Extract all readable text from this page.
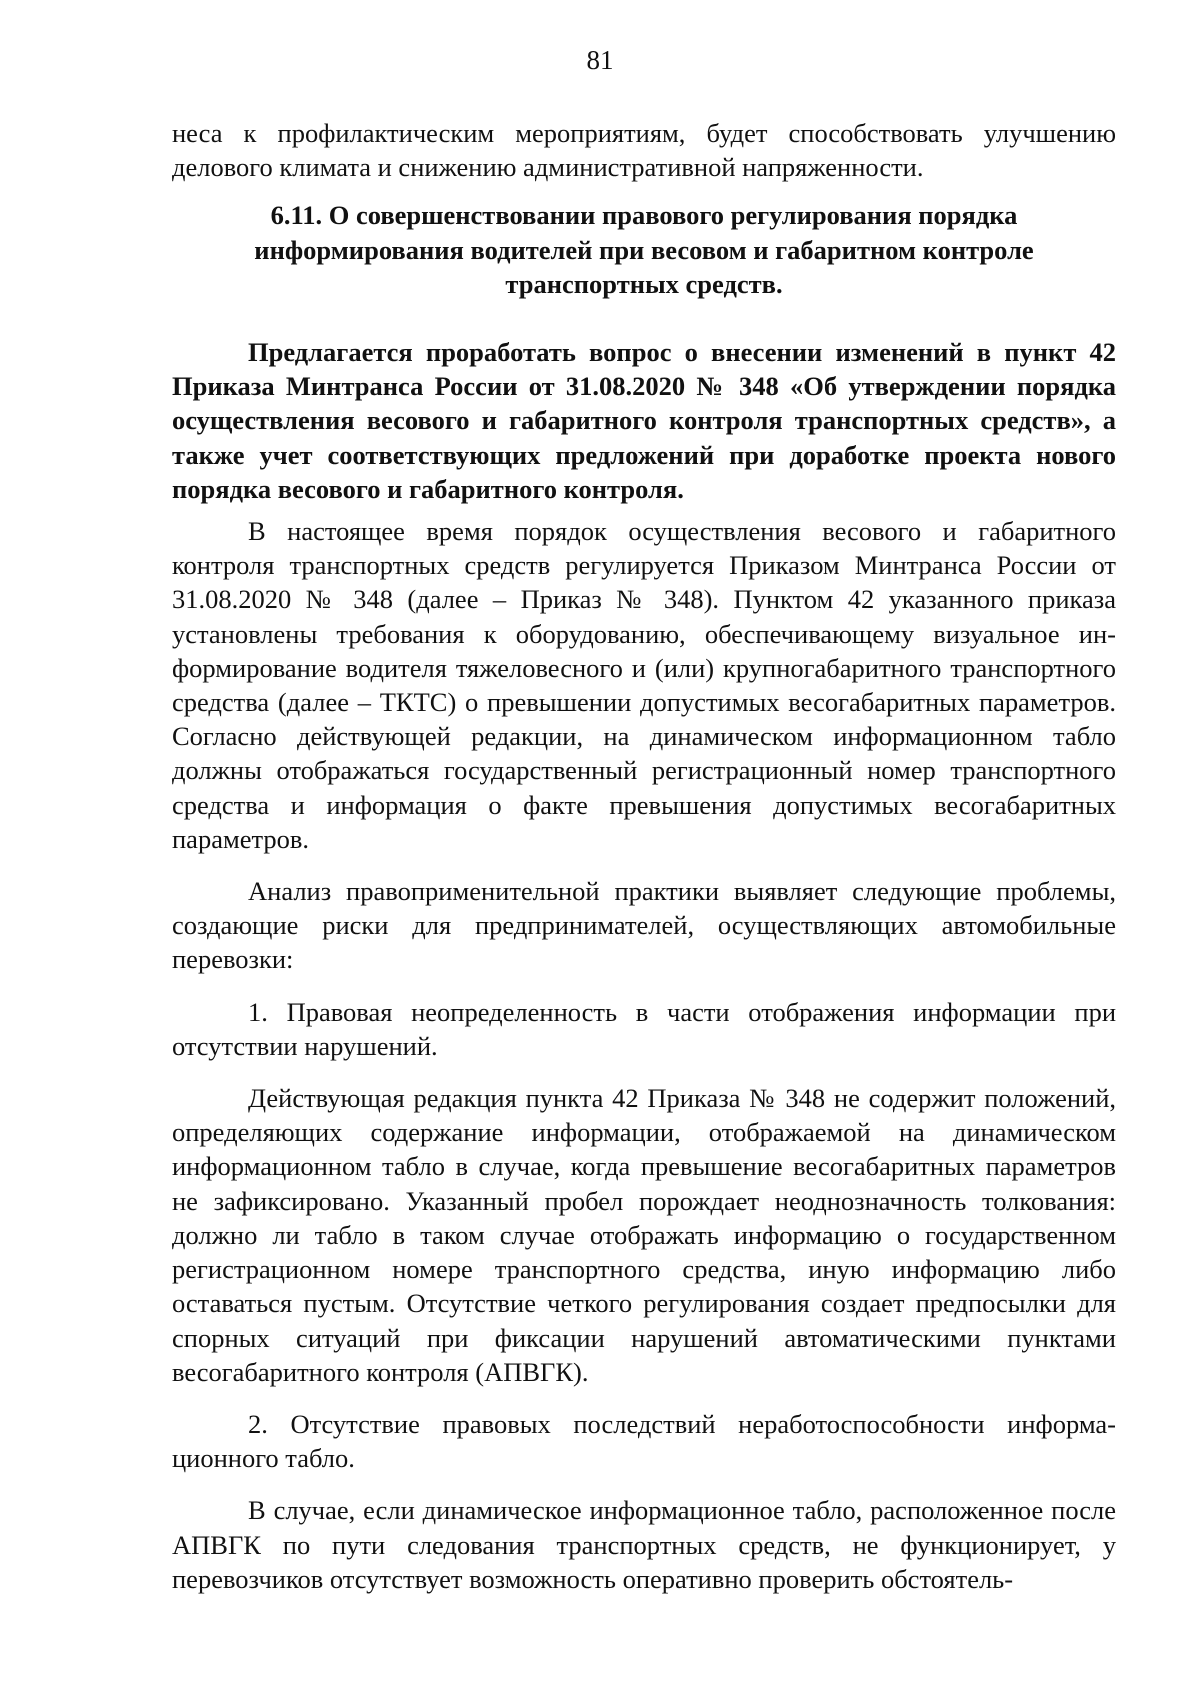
81

неса к профилактическим мероприятиям, будет способствовать улучшению делового климата и снижению административной напряженности.

6.11. О совершенствовании правового регулирования порядка
информирования водителей при весовом и габаритном контроле
транспортных средств.

Предлагается проработать вопрос о внесении изменений в пункт 42 Приказа Минтранса России от 31.08.2020 № 348 «Об утверждении порядка осуществления весового и габаритного контроля транспортных средств», а также учет соответствующих предложений при доработке проекта нового порядка весового и габаритного контроля.

В настоящее время порядок осуществления весового и габаритного контроля транспортных средств регулируется Приказом Минтранса России от 31.08.2020 № 348 (далее – Приказ № 348). Пунктом 42 указанного приказа установлены требования к оборудованию, обеспечивающему визуальное информирование водителя тяжеловесного и (или) крупногабаритного транспортного средства (далее – ТКТС) о превышении допустимых весогабаритных параметров. Согласно действующей редакции, на динамическом информационном табло должны отображаться государственный регистрационный номер транспортного средства и информация о факте превышения допустимых весогабаритных параметров.

Анализ правоприменительной практики выявляет следующие проблемы, создающие риски для предпринимателей, осуществляющих автомобильные перевозки:

1. Правовая неопределенность в части отображения информации при отсутствии нарушений.

Действующая редакция пункта 42 Приказа № 348 не содержит положений, определяющих содержание информации, отображаемой на динамическом информационном табло в случае, когда превышение весогабаритных параметров не зафиксировано. Указанный пробел порождает неоднозначность толкования: должно ли табло в таком случае отображать информацию о государственном регистрационном номере транспортного средства, иную информацию либо оставаться пустым. Отсутствие четкого регулирования создает предпосылки для спорных ситуаций при фиксации нарушений автоматическими пунктами весогабаритного контроля (АПВГК).

2. Отсутствие правовых последствий неработоспособности информационного табло.

В случае, если динамическое информационное табло, расположенное после АПВГК по пути следования транспортных средств, не функционирует, у перевозчиков отсутствует возможность оперативно проверить обстоятель-
